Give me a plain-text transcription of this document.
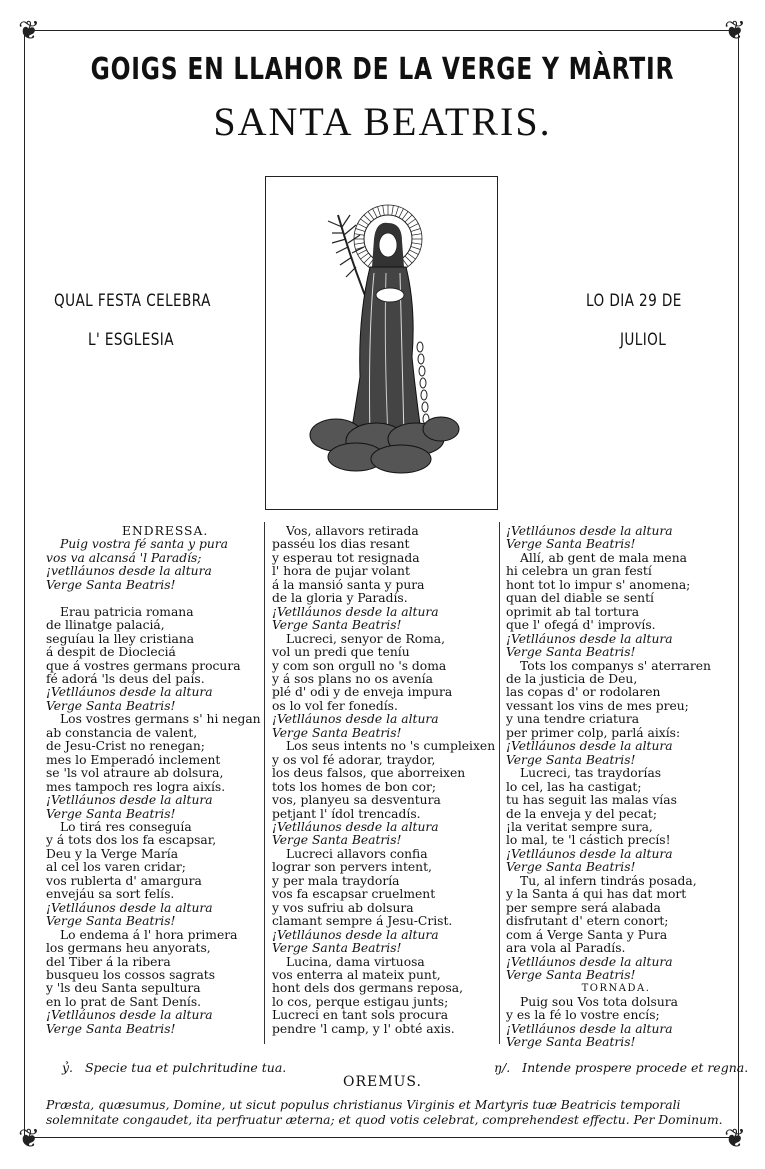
❦	❦
❦	❦
GOIGS EN LLAHOR DE LA VERGE Y MÀRTIR
SANTA BEATRIS.
QUAL FESTA CELEBRA
L' ESGLESIA
LO DIA 29 DE
JULIOL
ENDRESSA.
Puig vostra fé santa y pura
vos va alcansá 'l Paradís;
¡vetlláunos desde la altura
Verge Santa Beatris!

Erau patricia romana
de llinatge palaciá,
seguíau la lley cristiana
á despit de Diocleciá
que á vostres germans procura
fé adorá 'ls deus del país.
¡Vetlláunos desde la altura
Verge Santa Beatris!
Los vostres germans s' hi negan
ab constancia de valent,
de Jesu-Crist no renegan;
mes lo Emperadó inclement
se 'ls vol atraure ab dolsura,
mes tampoch res logra aixís.
¡Vetlláunos desde la altura
Verge Santa Beatris!
Lo tirá res conseguía
y á tots dos los fa escapsar,
Deu y la Verge María
al cel los varen cridar;
vos rublerta d' amargura
envejáu sa sort felís.
¡Vetlláunos desde la altura
Verge Santa Beatris!
Lo endema á l' hora primera
los germans heu anyorats,
del Tiber á la ribera
busqueu los cossos sagrats
y 'ls deu Santa sepultura
en lo prat de Sant Denís.
¡Vetlláunos desde la altura
Verge Santa Beatris!
Vos, allavors retirada
passéu los dias resant
y esperau tot resignada
l' hora de pujar volant
á la mansió santa y pura
de la gloria y Paradís.
¡Vetlláunos desde la altura
Verge Santa Beatris!
Lucreci, senyor de Roma,
vol un predi que teníu
y com son orgull no 's doma
y á sos plans no os avenía
plé d' odi y de enveja impura
os lo vol fer fonedís.
¡Vetlláunos desde la altura
Verge Santa Beatris!
Los seus intents no 's cumpleixen
y os vol fé adorar, traydor,
los deus falsos, que aborreixen
tots los homes de bon cor;
vos, planyeu sa desventura
petjant l' ídol trencadís.
¡Vetlláunos desde la altura
Verge Santa Beatris!
Lucreci allavors confia
lograr son pervers intent,
y per mala traydoría
vos fa escapsar cruelment
y vos sufriu ab dolsura
clamant sempre á Jesu-Crist.
¡Vetlláunos desde la altura
Verge Santa Beatris!
Lucina, dama virtuosa
vos enterra al mateix punt,
hont dels dos germans reposa,
lo cos, perque estigau junts;
Lucreci en tant sols procura
pendre 'l camp, y l' obté axis.
¡Vetlláunos desde la altura
Verge Santa Beatris!
Allí, ab gent de mala mena
hi celebra un gran festí
hont tot lo impur s' anomena;
quan del diable se sentí
oprimit ab tal tortura
que l' ofegá d' improvís.
¡Vetlláunos desde la altura
Verge Santa Beatris!
Tots los companys s' aterraren
de la justicia de Deu,
las copas d' or rodolaren
vessant los vins de mes preu;
y una tendre criatura
per primer colp, parlá aixís:
¡Vetlláunos desde la altura
Verge Santa Beatris!
Lucreci, tas traydorías
lo cel, las ha castigat;
tu has seguit las malas vías
de la enveja y del pecat;
¡la veritat sempre sura,
lo mal, te 'l cástich precís!
¡Vetlláunos desde la altura
Verge Santa Beatris!
Tu, al infern tindrás posada,
y la Santa á qui has dat mort
per sempre será alabada
disfrutant d' etern conort;
com á Verge Santa y Pura
ara vola al Paradís.
¡Vetlláunos desde la altura
Verge Santa Beatris!
TORNADA.
Puig sou Vos tota dolsura
y es la fé lo vostre encís;
¡Vetlláunos desde la altura
Verge Santa Beatris!
ỷ. Specie tua et pulchritudine tua.	ŋ/. Intende prospere procede et regna.
OREMUS.
Præsta, quæsumus, Domine, ut sicut populus christianus Virginis et Martyris tuæ Beatricis temporali solemnitate congaudet, ita perfruatur æterna; et quod votis celebrat, comprehendest effectu. Per Dominum.
